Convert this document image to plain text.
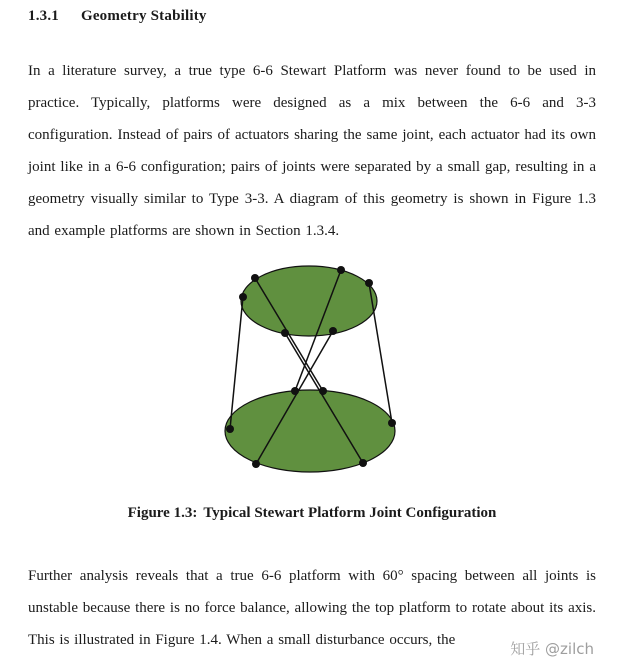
1.3.1 Geometry Stability

In a literature survey, a true type 6-6 Stewart Platform was never found to be used in practice. Typically, platforms were designed as a mix between the 6-6 and 3-3 configuration. Instead of pairs of actuators sharing the same joint, each actuator had its own joint like in a 6-6 configuration; pairs of joints were separated by a small gap, resulting in a geometry visually similar to Type 3-3. A diagram of this geometry is shown in Figure 1.3 and example platforms are shown in Section 1.3.4.

Figure 1.3: Typical Stewart Platform Joint Configuration

Further analysis reveals that a true 6-6 platform with 60° spacing between all joints is unstable because there is no force balance, allowing the top platform to rotate about its axis. This is illustrated in Figure 1.4. When a small disturbance occurs, the	知乎 @zilch
